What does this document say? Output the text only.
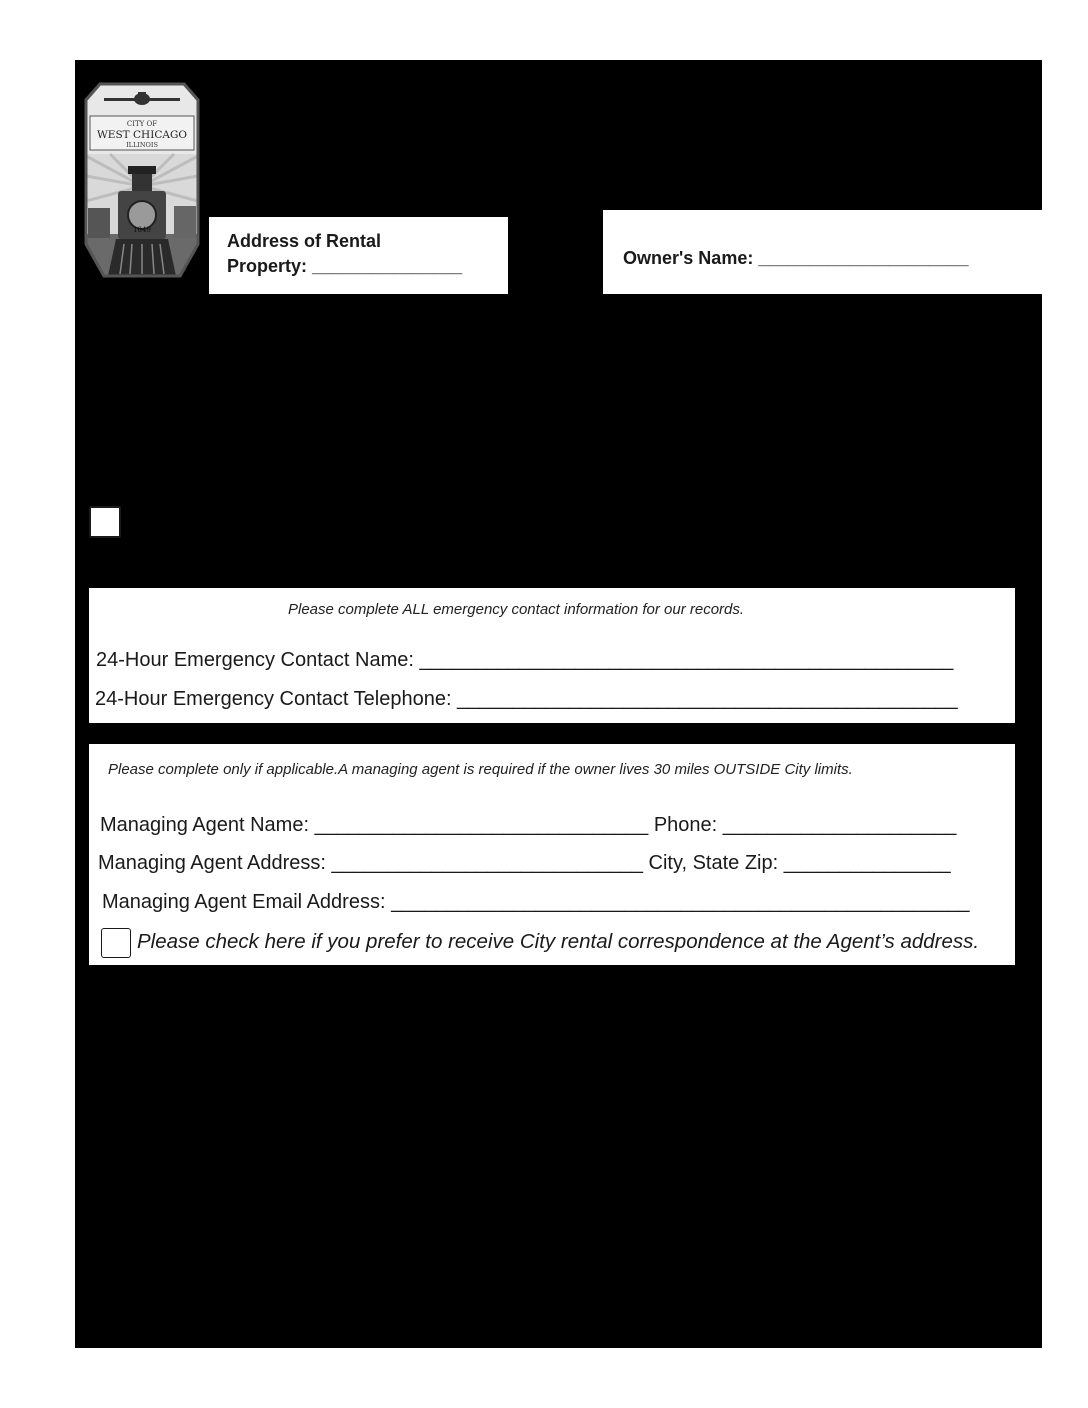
CITY OF
WEST CHICAGO
ILLINOIS
1849
Address of Rental
Property: _______________	Owner's Name: _____________________
Please complete ALL emergency contact information for our records.
24-Hour Emergency Contact Name: ________________________________________________
24-Hour Emergency Contact Telephone: _____________________________________________
Please complete only if applicable.A managing agent is required if the owner lives 30 miles OUTSIDE City limits.
Managing Agent Name: ______________________________ Phone: _____________________
Managing Agent Address: ____________________________ City, State Zip: _______________
Managing Agent Email Address: ____________________________________________________
Please check here if you prefer to receive City rental correspondence at the Agent’s address.
